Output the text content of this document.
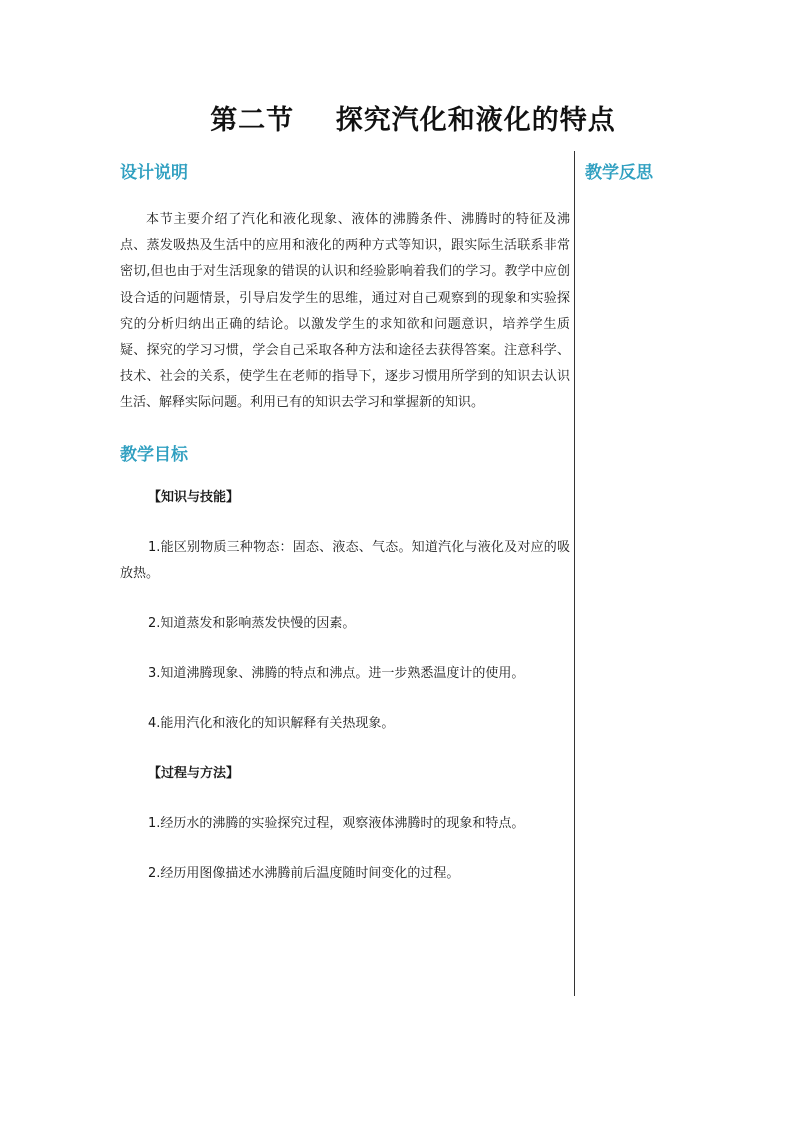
第二节    探究汽化和液化的特点
设计说明

本节主要介绍了汽化和液化现象、液体的沸腾条件、沸腾时的特征及沸点、蒸发吸热及生活中的应用和液化的两种方式等知识，跟实际生活联系非常密切,但也由于对生活现象的错误的认识和经验影响着我们的学习。教学中应创设合适的问题情景，引导启发学生的思维，通过对自己观察到的现象和实验探究的分析归纳出正确的结论。以激发学生的求知欲和问题意识，培养学生质疑、探究的学习习惯，学会自己采取各种方法和途径去获得答案。注意科学、技术、社会的关系，使学生在老师的指导下，逐步习惯用所学到的知识去认识生活、解释实际问题。利用已有的知识去学习和掌握新的知识。

教学目标

【知识与技能】

1.能区别物质三种物态：固态、液态、气态。知道汽化与液化及对应的吸放热。

2.知道蒸发和影响蒸发快慢的因素。

3.知道沸腾现象、沸腾的特点和沸点。进一步熟悉温度计的使用。

4.能用汽化和液化的知识解释有关热现象。

【过程与方法】

1.经历水的沸腾的实验探究过程，观察液体沸腾时的现象和特点。

2.经历用图像描述水沸腾前后温度随时间变化的过程。

教学反思
